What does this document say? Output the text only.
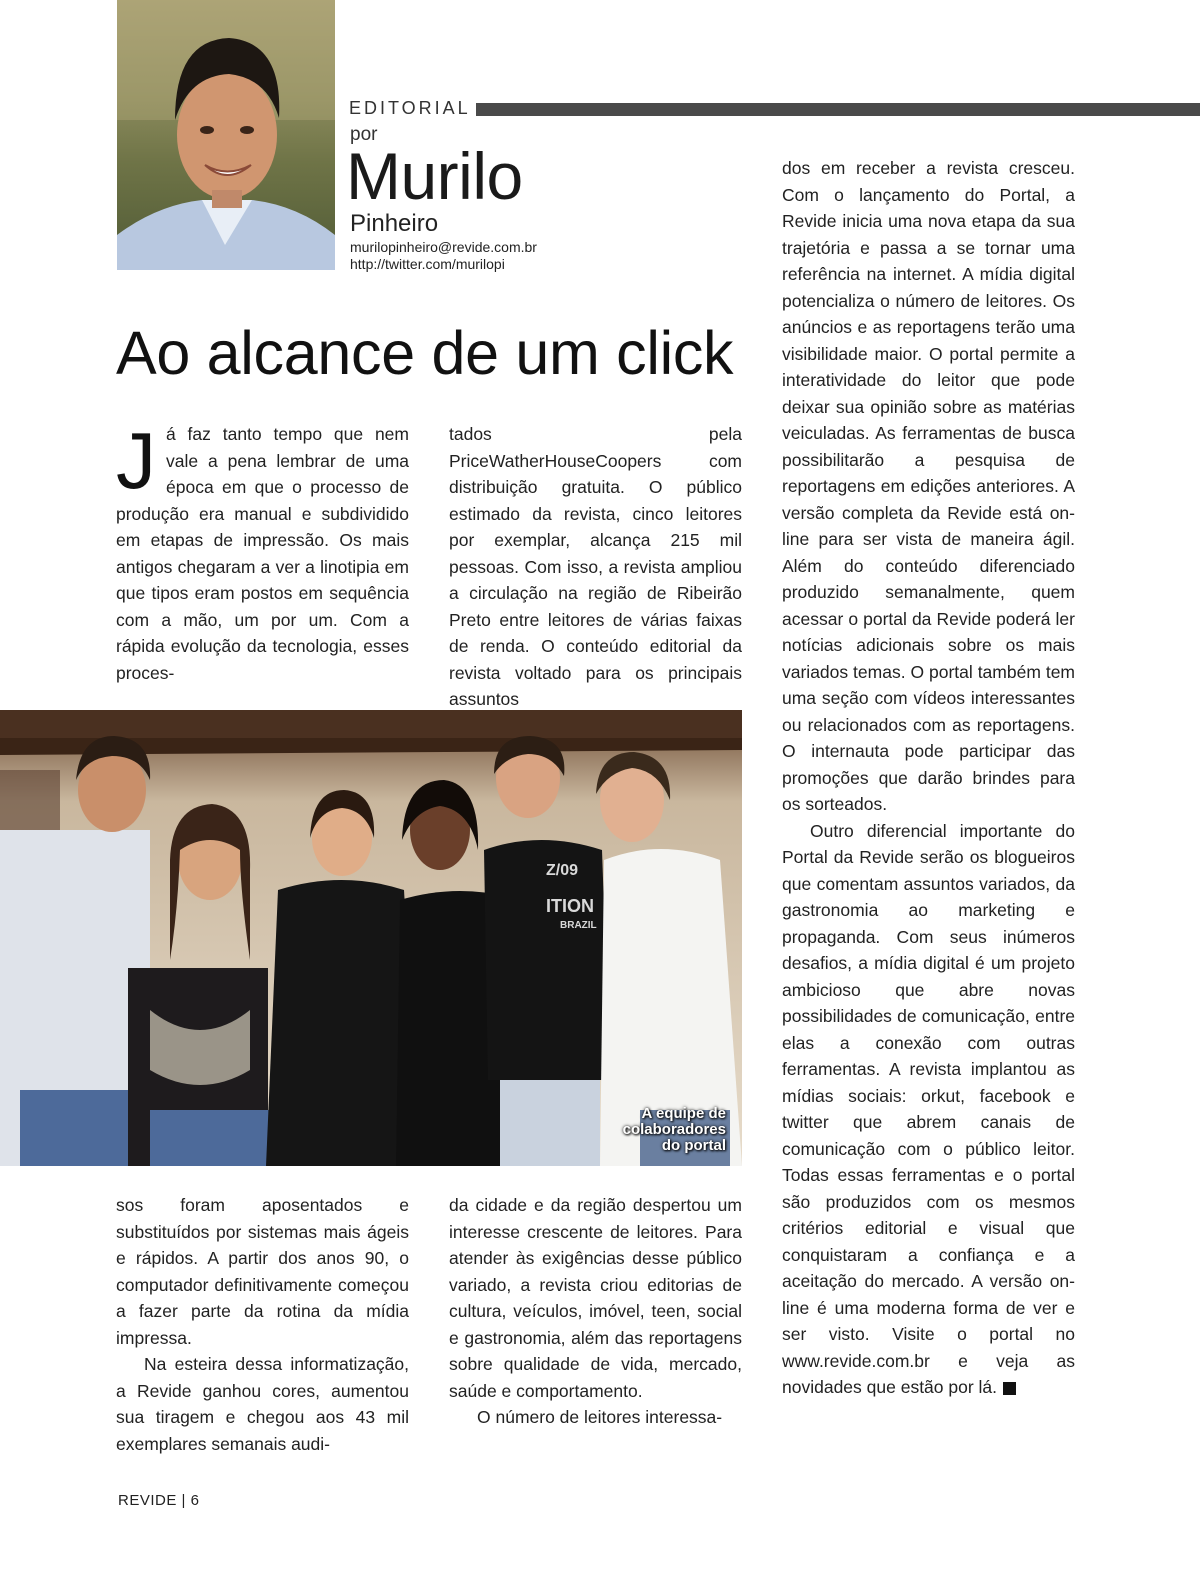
EDITORIAL
por
Murilo
Pinheiro
murilopinheiro@revide.com.br
http://twitter.com/murilopi
Ao alcance de um click

Já faz tanto tempo que nem vale a pena lembrar de uma época em que o processo de produção era manual e subdividido em etapas de impressão. Os mais antigos chegaram a ver a linotipia em que tipos eram postos em sequência com a mão, um por um. Com a rápida evolução da tecnologia, esses proces-

tados pela PriceWatherHouseCoopers com distribuição gratuita. O público estimado da revista, cinco leitores por exemplar, alcança 215 mil pessoas. Com isso, a revista ampliou a circulação na região de Ribeirão Preto entre leitores de várias faixas de renda. O conteúdo editorial da revista voltado para os principais assuntos

Z/09
ITION
BRAZIL
A equipe de
colaboradores
do portal

sos foram aposentados e substituídos por sistemas mais ágeis e rápidos. A partir dos anos 90, o computador definitivamente começou a fazer parte da rotina da mídia impressa.

Na esteira dessa informatização, a Revide ganhou cores, aumentou sua tiragem e chegou aos 43 mil exemplares semanais audi-

da cidade e da região despertou um interesse crescente de leitores. Para atender às exigências desse público variado, a revista criou editorias de cultura, veículos, imóvel, teen, social e gastronomia, além das reportagens sobre qualidade de vida, mercado, saúde e comportamento.

O número de leitores interessa-

dos em receber a revista cresceu. Com o lançamento do Portal, a Revide inicia uma nova etapa da sua trajetória e passa a se tornar uma referência na internet. A mídia digital potencializa o número de leitores. Os anúncios e as reportagens terão uma visibilidade maior. O portal permite a interatividade do leitor que pode deixar sua opinião sobre as matérias veiculadas. As ferramentas de busca possibilitarão a pesquisa de reportagens em edições anteriores. A versão completa da Revide está on-line para ser vista de maneira ágil. Além do conteúdo diferenciado produzido semanalmente, quem acessar o portal da Revide poderá ler notícias adicionais sobre os mais variados temas. O portal também tem uma seção com vídeos interessantes ou relacionados com as reportagens. O internauta pode participar das promoções que darão brindes para os sorteados.

Outro diferencial importante do Portal da Revide serão os blogueiros que comentam assuntos variados, da gastronomia ao marketing e propaganda. Com seus inúmeros desafios, a mídia digital é um projeto ambicioso que abre novas possibilidades de comunicação, entre elas a conexão com outras ferramentas. A revista implantou as mídias sociais: orkut, facebook e twitter que abrem canais de comunicação com o público leitor. Todas essas ferramentas e o portal são produzidos com os mesmos critérios editorial e visual que conquistaram a confiança e a aceitação do mercado. A versão on-line é uma moderna forma de ver e ser visto. Visite o portal no www.revide.com.br e veja as novidades que estão por lá.	r

REVIDE | 6
